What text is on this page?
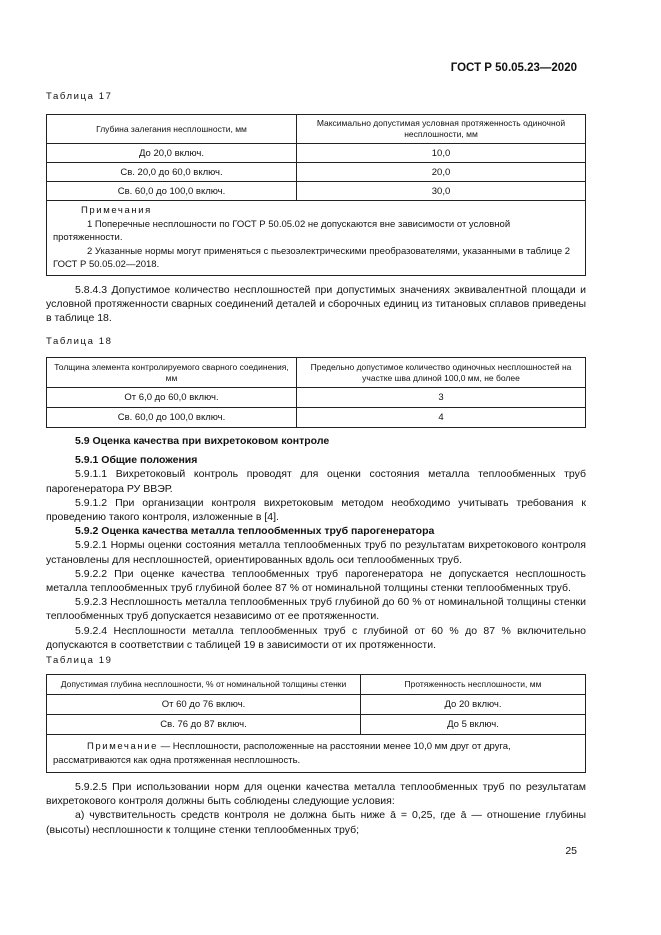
ГОСТ Р 50.05.23—2020
Таблица 17
Глубина залегания несплошности, мм	Максимально допустимая условная протяженность одиночной несплошности, мм
До 20,0 включ.	10,0
Св. 20,0 до 60,0 включ.	20,0
Св. 60,0 до 100,0 включ.	30,0

Примечания
1 Поперечные несплошности по ГОСТ Р 50.05.02 не допускаются вне зависимости от условной протяженности.
2 Указанные нормы могут применяться с пьезоэлектрическими преобразователями, указанными в таблице 2 ГОСТ Р 50.05.02—2018.	

5.8.4.3 Допустимое количество несплошностей при допустимых значениях эквивалентной площади и условной протяженности сварных соединений деталей и сборочных единиц из титановых сплавов приведены в таблице 18.

Таблица 18
Толщина элемента контролируемого сварного соединения, мм	Предельно допустимое количество одиночных несплошностей на участке шва длиной 100,0 мм, не более
От 6,0 до 60,0 включ.	3
Св. 60,0 до 100,0 включ.	4

5.9 Оценка качества при вихретоковом контроле

5.9.1 Общие положения

5.9.1.1 Вихретоковый контроль проводят для оценки состояния металла теплообменных труб парогенератора РУ ВВЭР.

5.9.1.2 При организации контроля вихретоковым методом необходимо учитывать требования к проведению такого контроля, изложенные в [4].

5.9.2 Оценка качества металла теплообменных труб парогенератора

5.9.2.1 Нормы оценки состояния металла теплообменных труб по результатам вихретокового контроля установлены для несплошностей, ориентированных вдоль оси теплообменных труб.

5.9.2.2 При оценке качества теплообменных труб парогенератора не допускается несплошность металла теплообменных труб глубиной более 87 % от номинальной толщины стенки теплообменных труб.

5.9.2.3 Несплошность металла теплообменных труб глубиной до 60 % от номинальной толщины стенки теплообменных труб допускается независимо от ее протяженности.

5.9.2.4 Несплошности металла теплообменных труб с глубиной от 60 % до 87 % включительно допускаются в соответствии с таблицей 19 в зависимости от их протяженности.

Таблица 19
Допустимая глубина несплошности, % от номинальной толщины стенки	Протяженность несплошности, мм
От 60 до 76 включ.	До 20 включ.
Св. 76 до 87 включ.	До 5 включ.

Примечание — Несплошности, расположенные на расстоянии менее 10,0 мм друг от друга, рассматриваются как одна протяженная несплошность.	

5.9.2.5 При использовании норм для оценки качества металла теплообменных труб по результатам вихретокового контроля должны быть соблюдены следующие условия:

а) чувствительность средств контроля не должна быть ниже ā = 0,25, где ā — отношение глубины (высоты) несплошности к толщине стенки теплообменных труб;

25
